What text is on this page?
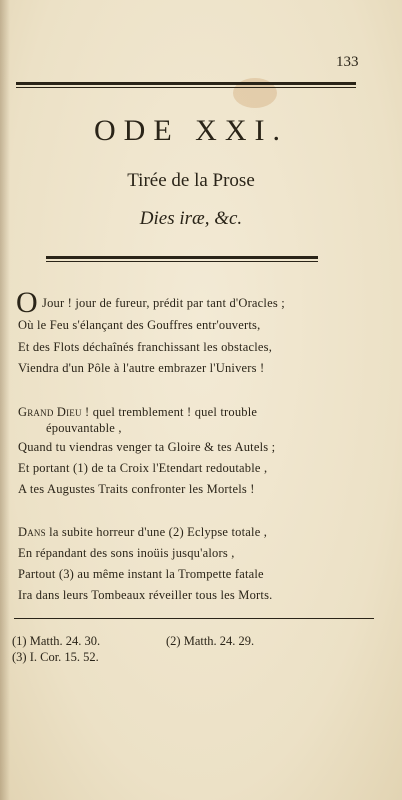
133
ODE XXI.
Tirée de la Prose
Dies iræ, &c.
O Jour ! jour de fureur, prédit par tant d'Oracles ;
Où le Feu s'élançant des Gouffres entr'ouverts,
Et des Flots déchaînés franchissant les obstacles,
Viendra d'un Pôle à l'autre embrazer l'Univers !
Grand Dieu ! quel tremblement ! quel trouble
épouvantable ,
Quand tu viendras venger ta Gloire & tes Autels ;
Et portant (1) de ta Croix l'Etendart redoutable ,
A tes Augustes Traits confronter les Mortels !
Dans la subite horreur d'une (2) Eclypse totale ,
En répandant des sons inoüis jusqu'alors ,
Partout (3) au même instant la Trompette fatale
Ira dans leurs Tombeaux réveiller tous les Morts.
(1) Matth. 24. 30.	(2) Matth. 24. 29.
(3) I. Cor. 15. 52.
